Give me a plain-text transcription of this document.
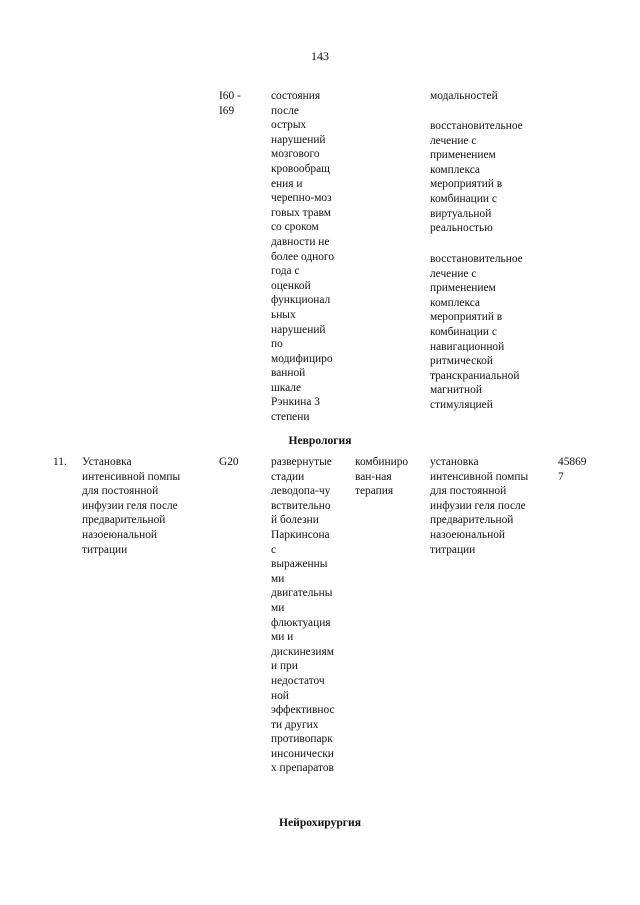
143
I60 -
I69
состояния
после
острых
нарушений
мозгового
кровообращ
ения и
черепно-моз
говых травм
со сроком
давности не
более одного
года с
оценкой
функционал
ьных
нарушений
по
модифициро
ванной
шкале
Рэнкина 3
степени
модальностей
восстановительное
лечение с
применением
комплекса
мероприятий в
комбинации с
виртуальной
реальностью
восстановительное
лечение с
применением
комплекса
мероприятий в
комбинации с
навигационной
ритмической
транскраниальной
магнитной
стимуляцией
Неврология
11. Установка
интенсивной помпы
для постоянной
инфузии геля после
предварительной
назоеюнальной
титрации
G20	развернутые
стадии
леводопа-чу
вствительно
й болезни
Паркинсона
с
выраженны
ми
двигательны
ми
флюктуация
ми и
дискинезиям
и при
недостаточ
ной
эффективнос
ти других
противопарк
инсонически
х препаратов
комбиниро
ван-ная
терапия
установка
интенсивной помпы
для постоянной
инфузии геля после
предварительной
назоеюнальной
титрации
45869
7
Нейрохирургия
